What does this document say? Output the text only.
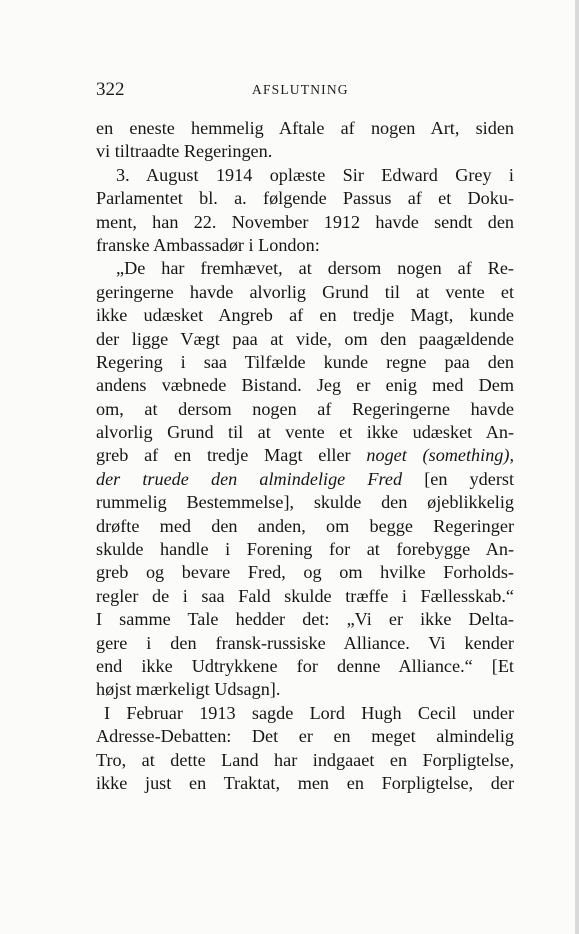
322	AFSLUTNING
en eneste hemmelig Aftale af nogen Art, siden
vi tiltraadte Regeringen.
3. August 1914 oplæste Sir Edward Grey i
Parlamentet bl. a. følgende Passus af et Doku-
ment, han 22. November 1912 havde sendt den
franske Ambassadør i London:
„De har fremhævet, at dersom nogen af Re-
geringerne havde alvorlig Grund til at vente et
ikke udæsket Angreb af en tredje Magt, kunde
der ligge Vægt paa at vide, om den paagældende
Regering i saa Tilfælde kunde regne paa den
andens væbnede Bistand. Jeg er enig med Dem
om, at dersom nogen af Regeringerne havde
alvorlig Grund til at vente et ikke udæsket An-
greb af en tredje Magt eller noget (something),
der truede den almindelige Fred [en yderst
rummelig Bestemmelse], skulde den øjeblikkelig
drøfte med den anden, om begge Regeringer
skulde handle i Forening for at forebygge An-
greb og bevare Fred, og om hvilke Forholds-
regler de i saa Fald skulde træffe i Fællesskab.“
I samme Tale hedder det: „Vi er ikke Delta-
gere i den fransk-russiske Alliance. Vi kender
end ikke Udtrykkene for denne Alliance.“ [Et
højst mærkeligt Udsagn].
I Februar 1913 sagde Lord Hugh Cecil under
Adresse-Debatten: Det er en meget almindelig
Tro, at dette Land har indgaaet en Forpligtelse,
ikke just en Traktat, men en Forpligtelse, der
